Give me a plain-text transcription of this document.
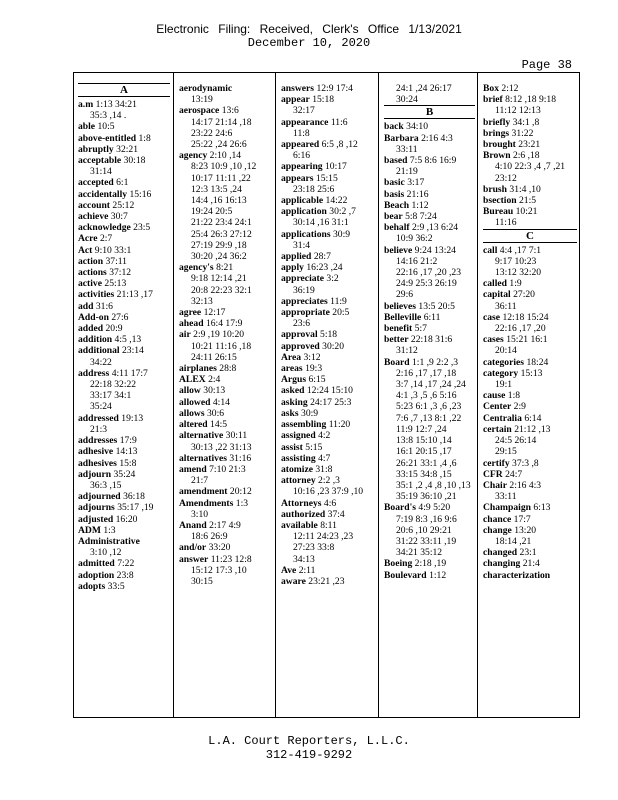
Electronic Filing: Received, Clerk's Office 1/13/2021
December 10, 2020
Page 38
A
a.m 1:13 34:21
35:3 ,14 .
able 10:5
above-entitled 1:8
abruptly 32:21
acceptable 30:18
31:14
accepted 6:1
accidentally 15:16
account 25:12
achieve 30:7
acknowledge 23:5
Acre 2:7
Act 9:10 33:1
action 37:11
actions 37:12
active 25:13
activities 21:13 ,17
add 31:6
Add-on 27:6
added 20:9
addition 4:5 ,13
additional 23:14
34:22
address 4:11 17:7
22:18 32:22
33:17 34:1
35:24
addressed 19:13
21:3
addresses 17:9
adhesive 14:13
adhesives 15:8
adjourn 35:24
36:3 ,15
adjourned 36:18
adjourns 35:17 ,19
adjusted 16:20
ADM 1:3
Administrative
3:10 ,12
admitted 7:22
adoption 23:8
adopts 33:5
aerodynamic
13:19
aerospace 13:6
14:17 21:14 ,18
23:22 24:6
25:22 ,24 26:6
agency 2:10 ,14
8:23 10:9 ,10 ,12
10:17 11:11 ,22
12:3 13:5 ,24
14:4 ,16 16:13
19:24 20:5
21:22 23:4 24:1
25:4 26:3 27:12
27:19 29:9 ,18
30:20 ,24 36:2
agency's 8:21
9:18 12:14 ,21
20:8 22:23 32:1
32:13
agree 12:17
ahead 16:4 17:9
air 2:9 ,19 10:20
10:21 11:16 ,18
24:11 26:15
airplanes 28:8
ALEX 2:4
allow 30:13
allowed 4:14
allows 30:6
altered 14:5
alternative 30:11
30:13 ,22 31:13
alternatives 31:16
amend 7:10 21:3
21:7
amendment 20:12
Amendments 1:3
3:10
Anand 2:17 4:9
18:6 26:9
and/or 33:20
answer 11:23 12:8
15:12 17:3 ,10
30:15
answers 12:9 17:4
appear 15:18
32:17
appearance 11:6
11:8
appeared 6:5 ,8 ,12
6:16
appearing 10:17
appears 15:15
23:18 25:6
applicable 14:22
application 30:2 ,7
30:14 ,16 31:1
applications 30:9
31:4
applied 28:7
apply 16:23 ,24
appreciate 3:2
36:19
appreciates 11:9
appropriate 20:5
23:6
approval 5:18
approved 30:20
Area 3:12
areas 19:3
Argus 6:15
asked 12:24 15:10
asking 24:17 25:3
asks 30:9
assembling 11:20
assigned 4:2
assist 5:15
assisting 4:7
atomize 31:8
attorney 2:2 ,3
10:16 ,23 37:9 ,10
Attorneys 4:6
authorized 37:4
available 8:11
12:11 24:23 ,23
27:23 33:8
34:13
Ave 2:11
aware 23:21 ,23
24:1 ,24 26:17
30:24
B
back 34:10
Barbara 2:16 4:3
33:11
based 7:5 8:6 16:9
21:19
basic 3:17
basis 21:16
Beach 1:12
bear 5:8 7:24
behalf 2:9 ,13 6:24
10:9 36:2
believe 9:24 13:24
14:16 21:2
22:16 ,17 ,20 ,23
24:9 25:3 26:19
29:6
believes 13:5 20:5
Belleville 6:11
benefit 5:7
better 22:18 31:6
31:12
Board 1:1 ,9 2:2 ,3
2:16 ,17 ,17 ,18
3:7 ,14 ,17 ,24 ,24
4:1 ,3 ,5 ,6 5:16
5:23 6:1 ,3 ,6 ,23
7:6 ,7 ,13 8:1 ,22
11:9 12:7 ,24
13:8 15:10 ,14
16:1 20:15 ,17
26:21 33:1 ,4 ,6
33:15 34:8 ,15
35:1 ,2 ,4 ,8 ,10 ,13
35:19 36:10 ,21
Board's 4:9 5:20
7:19 8:3 ,16 9:6
20:6 ,10 29:21
31:22 33:11 ,19
34:21 35:12
Boeing 2:18 ,19
Boulevard 1:12
Box 2:12
brief 8:12 ,18 9:18
11:12 12:13
briefly 34:1 ,8
brings 31:22
brought 23:21
Brown 2:6 ,18
4:10 22:3 ,4 ,7 ,21
23:12
brush 31:4 ,10
bsection 21:5
Bureau 10:21
11:16
C
call 4:4 ,17 7:1
9:17 10:23
13:12 32:20
called 1:9
capital 27:20
36:11
case 12:18 15:24
22:16 ,17 ,20
cases 15:21 16:1
20:14
categories 18:24
category 15:13
19:1
cause 1:8
Center 2:9
Centralia 6:14
certain 21:12 ,13
24:5 26:14
29:15
certify 37:3 ,8
CFR 24:7
Chair 2:16 4:3
33:11
Champaign 6:13
chance 17:7
change 13:20
18:14 ,21
changed 23:1
changing 21:4
characterization
L.A. Court Reporters, L.L.C.
312-419-9292
